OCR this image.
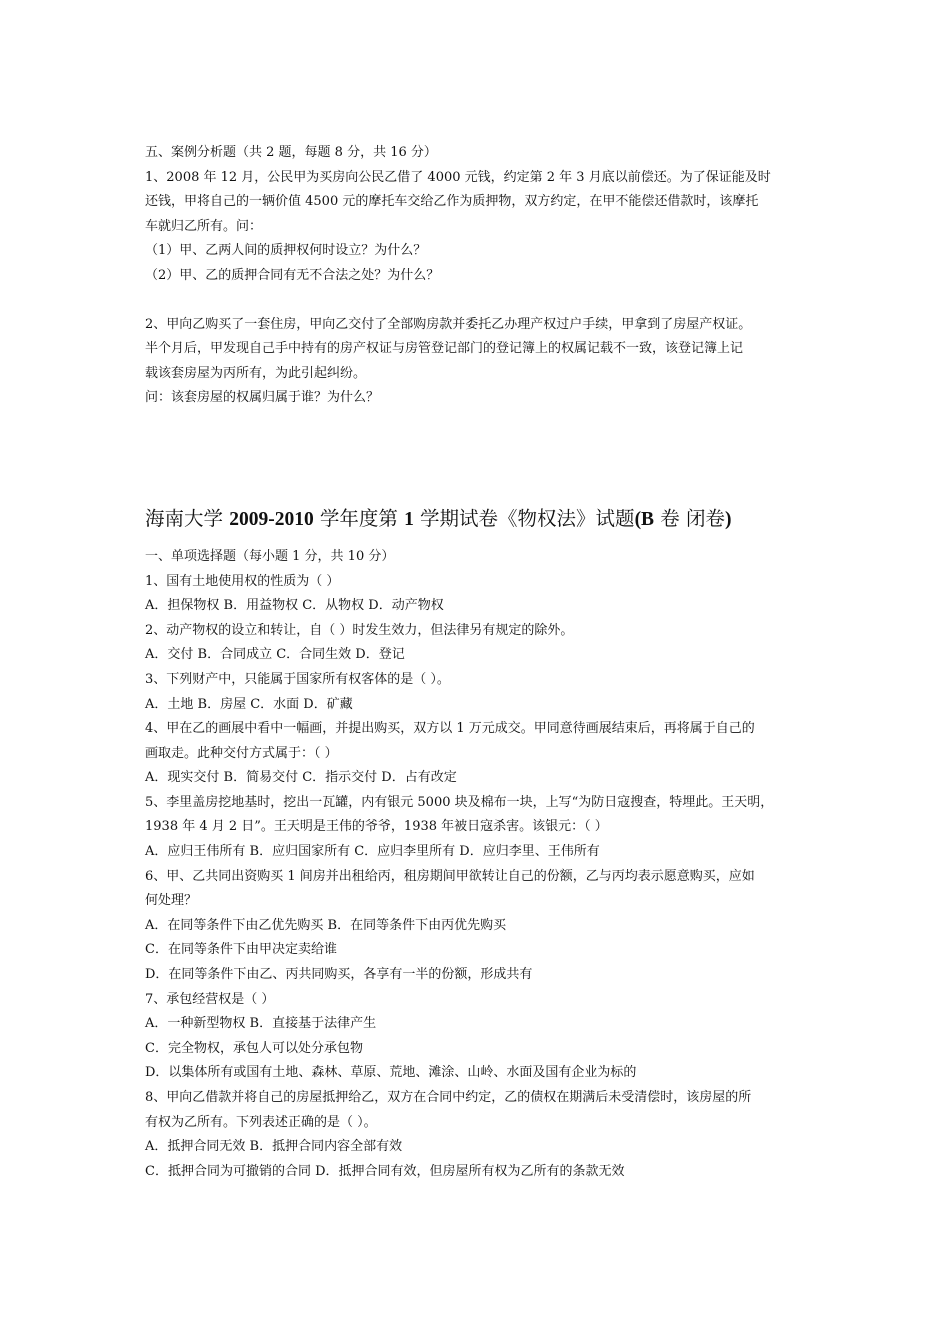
五、案例分析题（共 2 题，每题 8 分，共 16 分）
1、2008 年 12 月，公民甲为买房向公民乙借了 4000 元钱，约定第 2 年 3 月底以前偿还。为了保证能及时
还钱，甲将自己的一辆价值 4500 元的摩托车交给乙作为质押物，双方约定，在甲不能偿还借款时，该摩托
车就归乙所有。问：
（1）甲、乙两人间的质押权何时设立？为什么？
（2）甲、乙的质押合同有无不合法之处？为什么？
2、甲向乙购买了一套住房，甲向乙交付了全部购房款并委托乙办理产权过户手续，甲拿到了房屋产权证。
半个月后，甲发现自己手中持有的房产权证与房管登记部门的登记簿上的权属记载不一致，该登记簿上记
载该套房屋为丙所有，为此引起纠纷。
问：该套房屋的权属归属于谁？为什么？
海南大学 2009-2010 学年度第 1 学期试卷《物权法》试题(B 卷 闭卷)
一、单项选择题（每小题 1 分，共 10 分）
1、国有土地使用权的性质为（ ）
A．担保物权 B．用益物权 C．从物权 D．动产物权
2、动产物权的设立和转让，自（ ）时发生效力，但法律另有规定的除外。
A．交付 B．合同成立 C．合同生效 D．登记
3、下列财产中，只能属于国家所有权客体的是（ ）。
A．土地 B．房屋 C．水面 D．矿藏
4、甲在乙的画展中看中一幅画，并提出购买，双方以 1 万元成交。甲同意待画展结束后，再将属于自己的
画取走。此种交付方式属于：（ ）
A．现实交付 B．简易交付 C．指示交付 D．占有改定
5、李里盖房挖地基时，挖出一瓦罐，内有银元 5000 块及棉布一块，上写“为防日寇搜查，特埋此。王天明，
1938 年 4 月 2 日”。王天明是王伟的爷爷，1938 年被日寇杀害。该银元：（ ）
A．应归王伟所有 B．应归国家所有 C．应归李里所有 D．应归李里、王伟所有
6、甲、乙共同出资购买 1 间房并出租给丙，租房期间甲欲转让自己的份额，乙与丙均表示愿意购买，应如
何处理？
A．在同等条件下由乙优先购买 B．在同等条件下由丙优先购买
C．在同等条件下由甲决定卖给谁
D．在同等条件下由乙、丙共同购买，各享有一半的份额，形成共有
7、承包经营权是（ ）
A．一种新型物权 B．直接基于法律产生
C．完全物权，承包人可以处分承包物
D．以集体所有或国有土地、森林、草原、荒地、滩涂、山岭、水面及国有企业为标的
8、甲向乙借款并将自己的房屋抵押给乙，双方在合同中约定，乙的债权在期满后未受清偿时，该房屋的所
有权为乙所有。下列表述正确的是（ ）。
A．抵押合同无效 B．抵押合同内容全部有效
C．抵押合同为可撤销的合同 D．抵押合同有效，但房屋所有权为乙所有的条款无效
